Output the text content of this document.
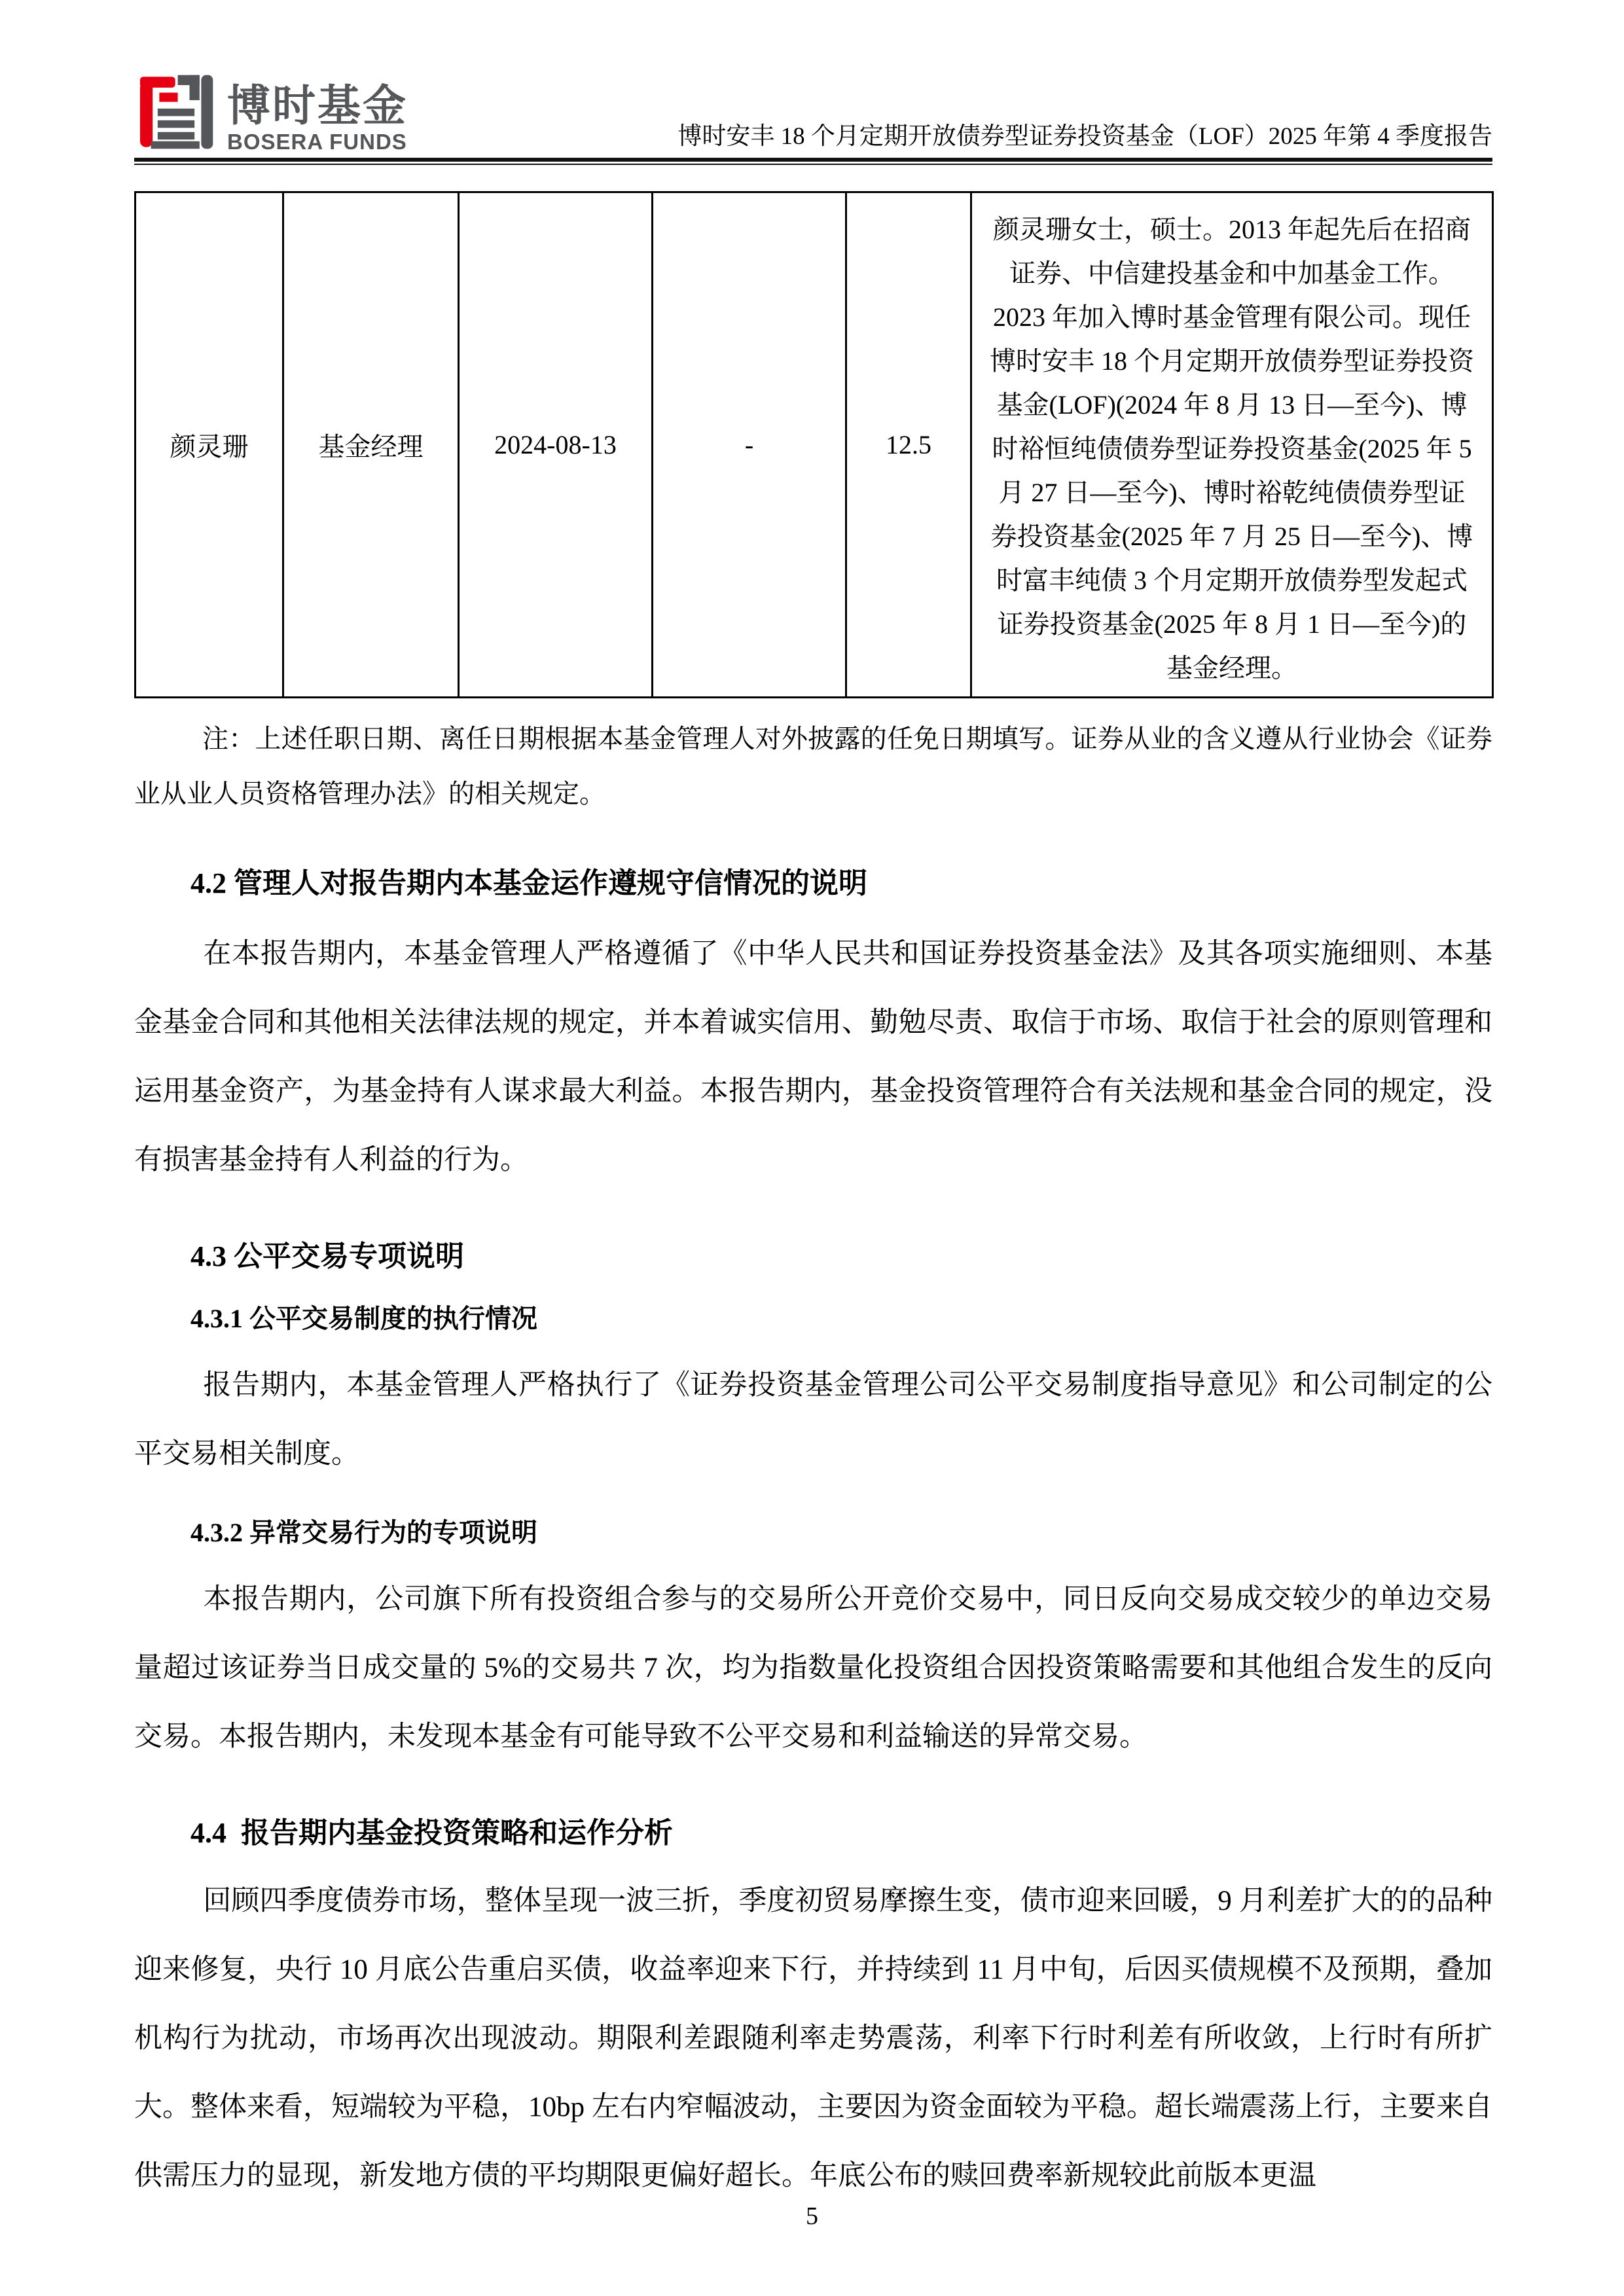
博时基金
BOSERA FUNDS	博时安丰 18 个月定期开放债券型证券投资基金（LOF）2025 年第 4 季度报告
颜灵珊	基金经理	2024-08-13	-	12.5	颜灵珊女士，硕士。2013 年起先后在招商证券、中信建投基金和中加基金工作。2023 年加入博时基金管理有限公司。现任博时安丰 18 个月定期开放债券型证券投资基金(LOF)(2024 年 8 月 13 日—至今)、博时裕恒纯债债券型证券投资基金(2025 年 5 月 27 日—至今)、博时裕乾纯债债券型证券投资基金(2025 年 7 月 25 日—至今)、博时富丰纯债 3 个月定期开放债券型发起式证券投资基金(2025 年 8 月 1 日—至今)的基金经理。

注：上述任职日期、离任日期根据本基金管理人对外披露的任免日期填写。证券从业的含义遵从行业协会《证券业从业人员资格管理办法》的相关规定。

4.2 管理人对报告期内本基金运作遵规守信情况的说明

在本报告期内，本基金管理人严格遵循了《中华人民共和国证券投资基金法》及其各项实施细则、本基金基金合同和其他相关法律法规的规定，并本着诚实信用、勤勉尽责、取信于市场、取信于社会的原则管理和运用基金资产，为基金持有人谋求最大利益。本报告期内，基金投资管理符合有关法规和基金合同的规定，没有损害基金持有人利益的行为。

4.3 公平交易专项说明
4.3.1 公平交易制度的执行情况

报告期内，本基金管理人严格执行了《证券投资基金管理公司公平交易制度指导意见》和公司制定的公平交易相关制度。

4.3.2 异常交易行为的专项说明

本报告期内，公司旗下所有投资组合参与的交易所公开竞价交易中，同日反向交易成交较少的单边交易量超过该证券当日成交量的 5%的交易共 7 次，均为指数量化投资组合因投资策略需要和其他组合发生的反向交易。本报告期内，未发现本基金有可能导致不公平交易和利益输送的异常交易。

4.4  报告期内基金投资策略和运作分析

回顾四季度债券市场，整体呈现一波三折，季度初贸易摩擦生变，债市迎来回暖，9 月利差扩大的的品种迎来修复，央行 10 月底公告重启买债，收益率迎来下行，并持续到 11 月中旬，后因买债规模不及预期，叠加机构行为扰动，市场再次出现波动。期限利差跟随利率走势震荡，利率下行时利差有所收敛，上行时有所扩大。整体来看，短端较为平稳，10bp 左右内窄幅波动，主要因为资金面较为平稳。超长端震荡上行，主要来自供需压力的显现，新发地方债的平均期限更偏好超长。年底公布的赎回费率新规较此前版本更温

5
